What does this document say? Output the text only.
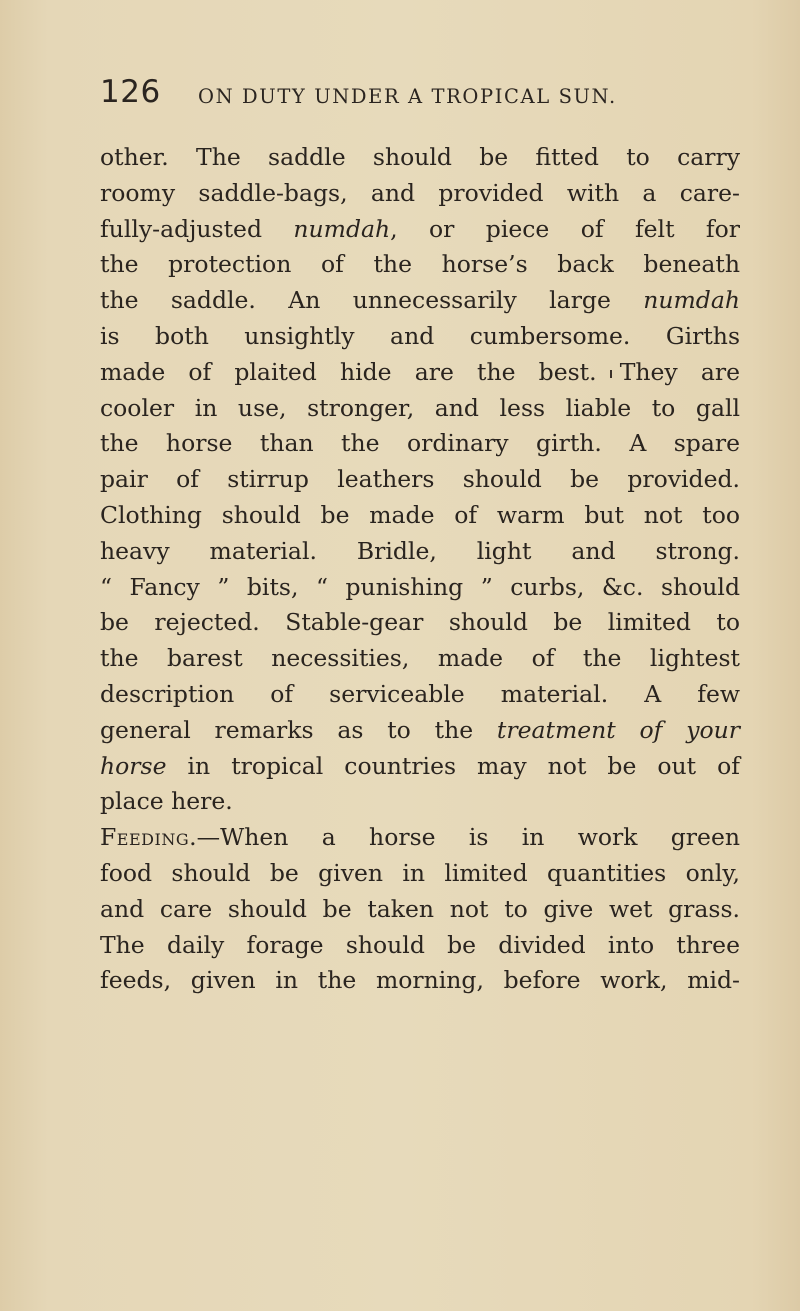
126 ON DUTY UNDER A TROPICAL SUN.
other. The saddle should be fitted to carry
roomy saddle-bags, and provided with a care-
fully-adjusted numdah, or piece of felt for
the protection of the horse’s back beneath
the saddle. An unnecessarily large numdah
is both unsightly and cumbersome. Girths
made of plaited hide are the best. They are
cooler in use, stronger, and less liable to gall
the horse than the ordinary girth. A spare
pair of stirrup leathers should be provided.
Clothing should be made of warm but not too
heavy material. Bridle, light and strong.
“ Fancy ” bits, “ punishing ” curbs, &c. should
be rejected. Stable-gear should be limited to
the barest necessities, made of the lightest
description of serviceable material. A few
general remarks as to the treatment of your
horse in tropical countries may not be out of
place here.
Feeding.—When a horse is in work green
food should be given in limited quantities only,
and care should be taken not to give wet grass.
The daily forage should be divided into three
feeds, given in the morning, before work, mid-
